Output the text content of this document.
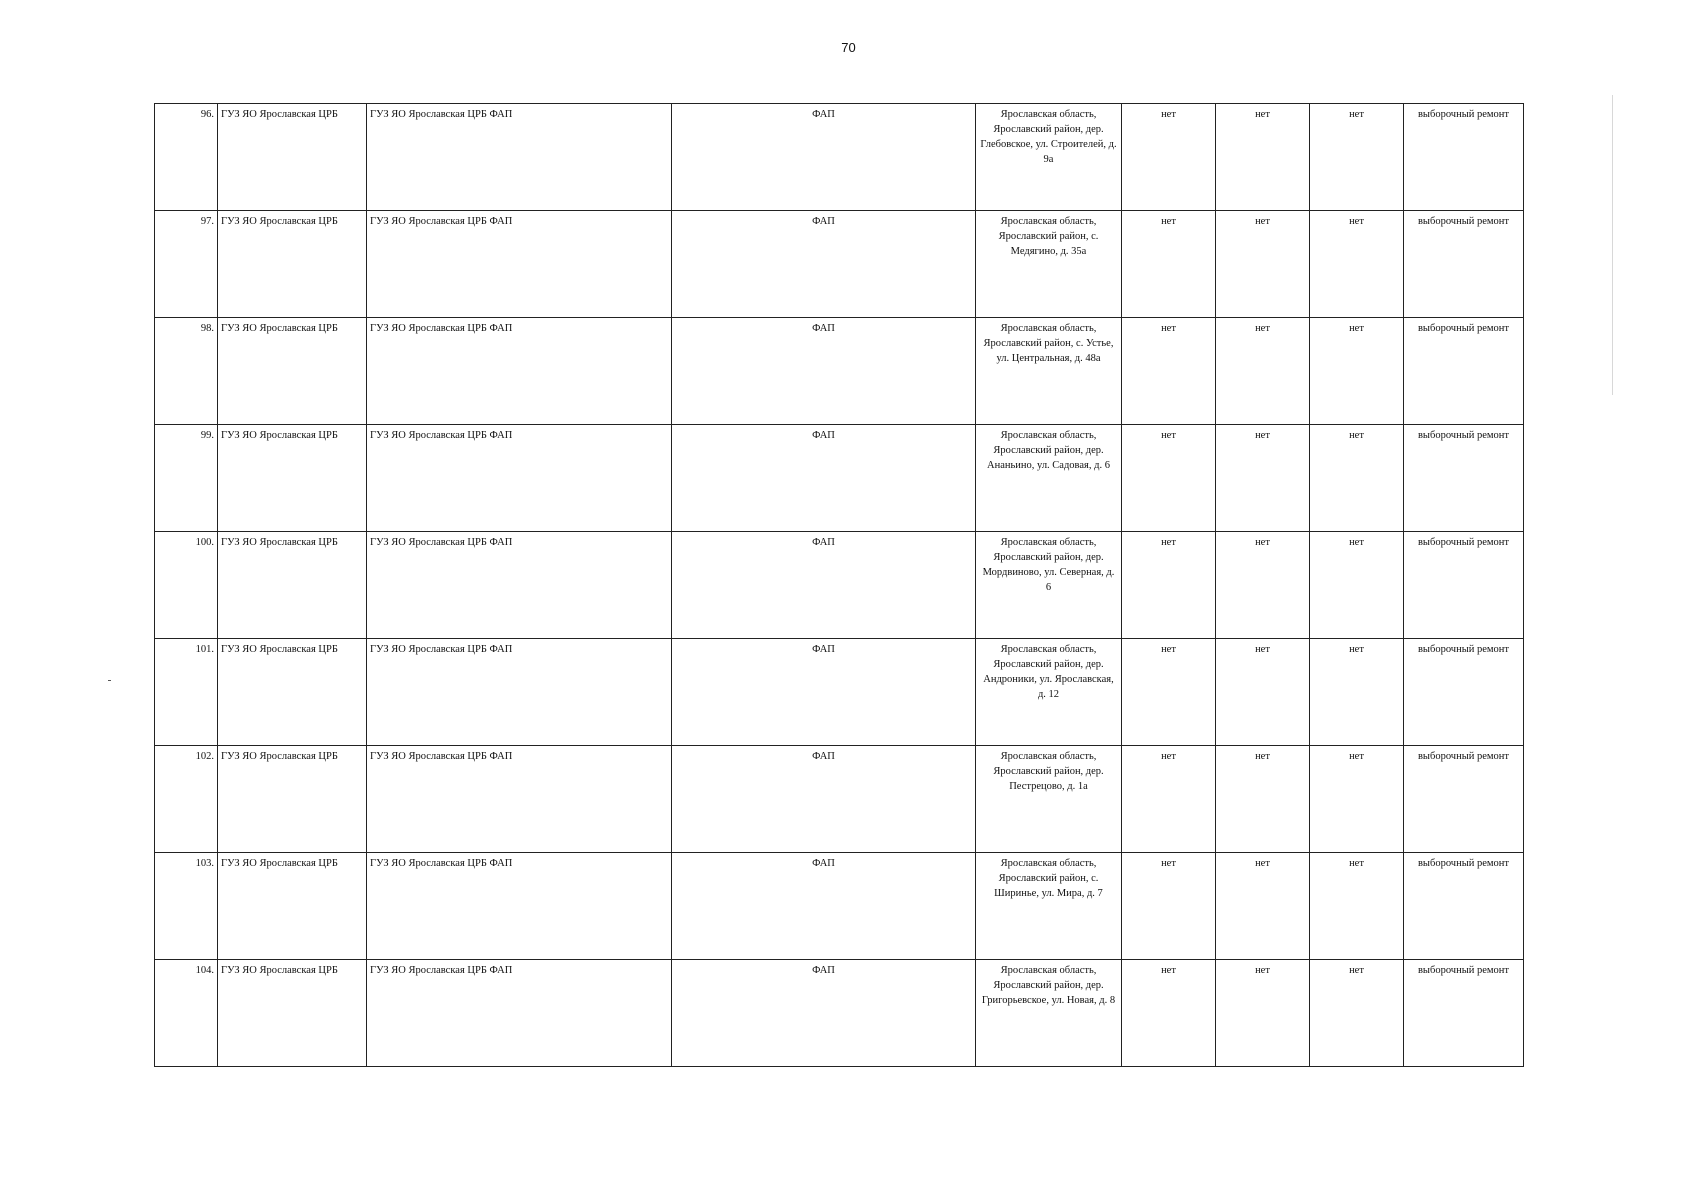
70
96.	ГУЗ ЯО Ярославская ЦРБ	ГУЗ ЯО Ярославская ЦРБ ФАП	ФАП	Ярославская область, Ярославский район, дер. Глебовское, ул. Строителей, д. 9а	нет	нет	нет	выборочный ремонт
97.	ГУЗ ЯО Ярославская ЦРБ	ГУЗ ЯО Ярославская ЦРБ ФАП	ФАП	Ярославская область, Ярославский район, с. Медягино, д. 35а	нет	нет	нет	выборочный ремонт
98.	ГУЗ ЯО Ярославская ЦРБ	ГУЗ ЯО Ярославская ЦРБ ФАП	ФАП	Ярославская область, Ярославский район, с. Устье, ул. Центральная, д. 48а	нет	нет	нет	выборочный ремонт
99.	ГУЗ ЯО Ярославская ЦРБ	ГУЗ ЯО Ярославская ЦРБ ФАП	ФАП	Ярославская область, Ярославский район, дер. Ананьино, ул. Садовая, д. 6	нет	нет	нет	выборочный ремонт
100.	ГУЗ ЯО Ярославская ЦРБ	ГУЗ ЯО Ярославская ЦРБ ФАП	ФАП	Ярославская область, Ярославский район, дер. Мордвиново, ул. Северная, д. 6	нет	нет	нет	выборочный ремонт
101.	ГУЗ ЯО Ярославская ЦРБ	ГУЗ ЯО Ярославская ЦРБ ФАП	ФАП	Ярославская область, Ярославский район, дер. Андроники, ул. Ярославская, д. 12	нет	нет	нет	выборочный ремонт
102.	ГУЗ ЯО Ярославская ЦРБ	ГУЗ ЯО Ярославская ЦРБ ФАП	ФАП	Ярославская область, Ярославский район, дер. Пестрецово, д. 1а	нет	нет	нет	выборочный ремонт
103.	ГУЗ ЯО Ярославская ЦРБ	ГУЗ ЯО Ярославская ЦРБ ФАП	ФАП	Ярославская область, Ярославский район, с. Ширинье, ул. Мира, д. 7	нет	нет	нет	выборочный ремонт
104.	ГУЗ ЯО Ярославская ЦРБ	ГУЗ ЯО Ярославская ЦРБ ФАП	ФАП	Ярославская область, Ярославский район, дер. Григорьевское, ул. Новая, д. 8	нет	нет	нет	выборочный ремонт
